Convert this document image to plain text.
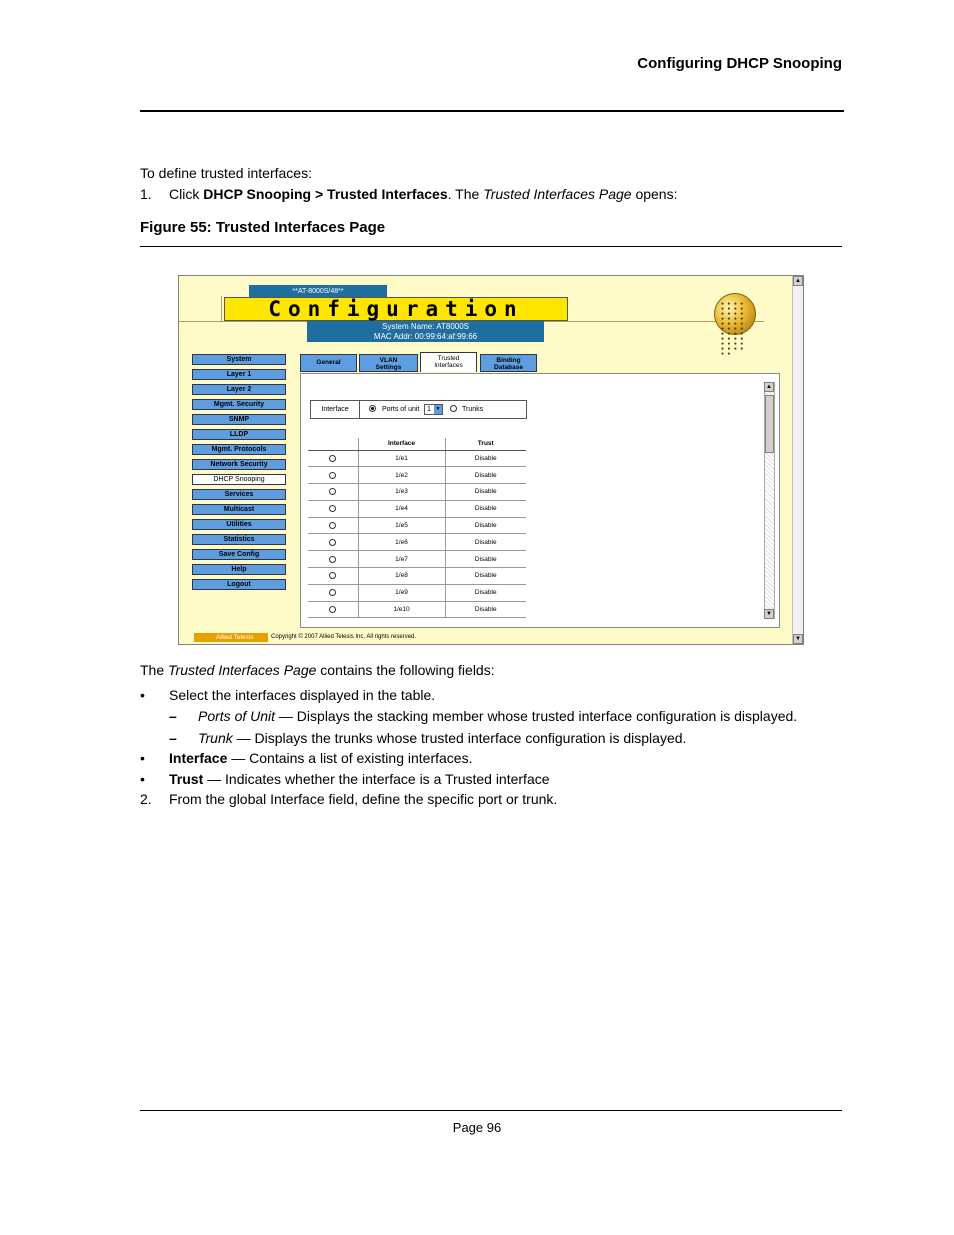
Configuring DHCP Snooping
To define trusted interfaces:
1. Click DHCP Snooping > Trusted Interfaces. The Trusted Interfaces Page opens:
Figure 55: Trusted Interfaces Page
▲
▼
**AT-8000S/48**
Configuration
System Name: AT8000S
MAC Addr: 00:99:64:af:99:66
● ● ● ● ● ● ● ● ● ● ● ● ● ● ● ● ● ● ● ● ● ● ● ● ● ● ● ● ● ● ● ● ● ● ● ● ● ● ● ● ● ●
System
Layer 1
Layer 2
Mgmt. Security
SNMP
LLDP
Mgmt. Protocols
Network Security
DHCP Snooping
Services
Multicast
Utilities
Statistics
Save Config
Help
Logout
General	VLAN
Settings
Trusted
Interfaces
Binding
Database
▲
▼
Interface	Ports of unit	1 ▼	Trunks
	Interface	Trust
	1/e1	Disable
	1/e2	Disable
	1/e3	Disable
	1/e4	Disable
	1/e5	Disable
	1/e6	Disable
	1/e7	Disable
	1/e8	Disable
	1/e9	Disable
	1/e10	Disable
Allied Telesis	Copyright © 2007 Allied Telesis Inc. All rights reserved.
The Trusted Interfaces Page contains the following fields:
• Select the interfaces displayed in the table.
– Ports of Unit — Displays the stacking member whose trusted interface configuration is displayed.
– Trunk — Displays the trunks whose trusted interface configuration is displayed.
• Interface — Contains a list of existing interfaces.
• Trust — Indicates whether the interface is a Trusted interface
2. From the global Interface field, define the specific port or trunk.
Page 96
